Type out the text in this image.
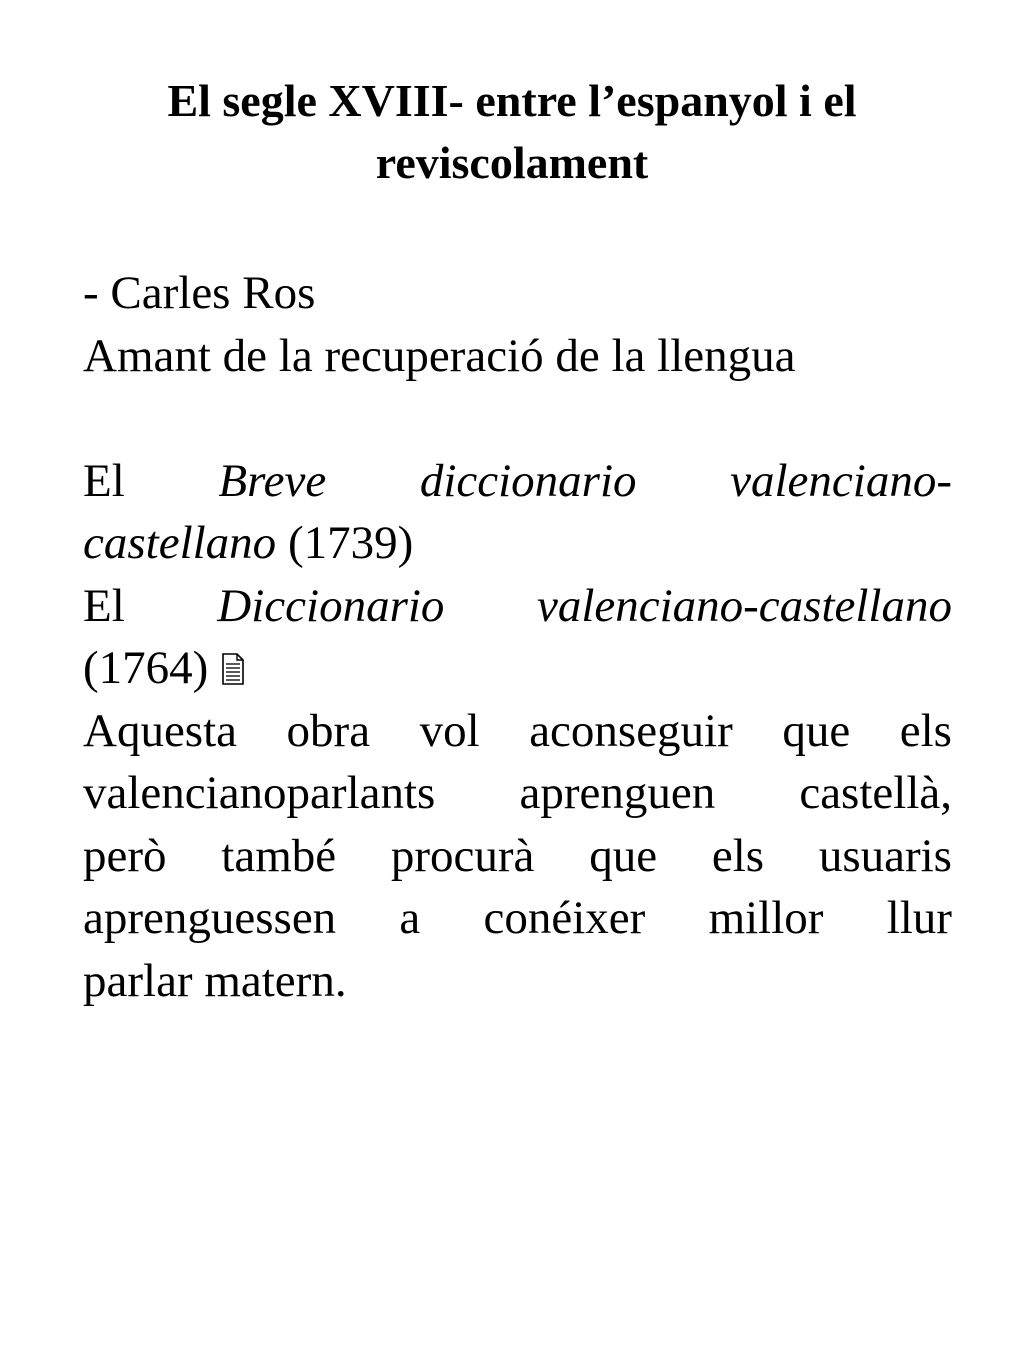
El segle XVIII- entre l’espanyol i el
reviscolament
- Carles Ros
Amant de la recuperació de la llengua
El Breve diccionario valenciano-
castellano (1739)
El Diccionario valenciano-castellano
(1764)
Aquesta obra vol aconseguir que els
valencianoparlants aprenguen castellà,
però també procurà que els usuaris
aprenguessen a conéixer millor llur
parlar matern.
